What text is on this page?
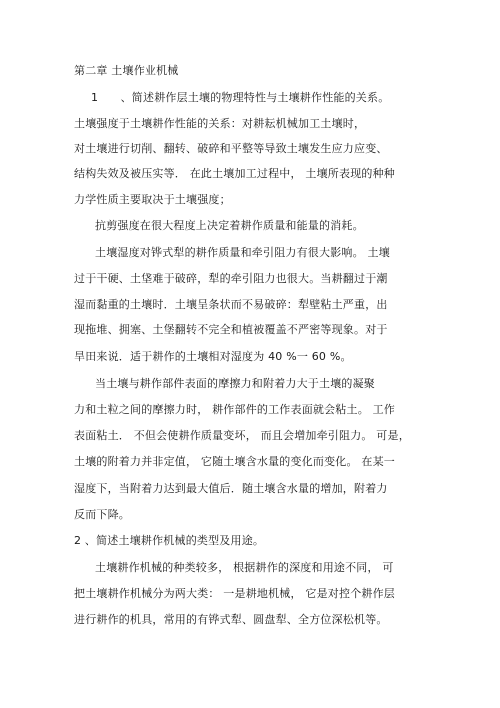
第二章 土壤作业机械
1　　、简述耕作层土壤的物理特性与土壤耕作性能的关系。
土壤强度于土壤耕作性能的关系：对耕耘机械加工土壤时，
对土壤进行切削、翻转、破碎和平整等导致土壤发生应力应变、
结构失效及被压实等． 在此土壤加工过程中， 土壤所表现的种种
力学性质主要取决于土壤强度；
抗剪强度在很大程度上决定着耕作质量和能量的消耗。
土壤湿度对铧式犁的耕作质量和牵引阻力有很大影响。 土壤
过于干硬、土垡难于破碎，犁的牵引阻力也很大。当耕翻过于潮
湿而黏重的土壤时．土壤呈条状而不易破碎：犁壁粘土严重，出
现拖堆、拥塞、土堡翻转不完全和植被覆盖不严密等现象。对于
旱田来说．适于耕作的土壤相对湿度为 40 %一 60 %。
当土壤与耕作部件表面的摩擦力和附着力大于土壤的凝聚
力和土粒之间的摩擦力时， 耕作部件的工作表面就会粘土。 工作
表面粘土． 不但会使耕作质量变坏， 而且会增加牵引阻力。 可是，
土壤的附着力并非定值， 它随土壤含水量的变化而变化。 在某一
湿度下，当附着力达到最大值后．随土壤含水量的增加，附着力
反而下降。
2 、简述土壤耕作机械的类型及用途。
土壤耕作机械的种类较多， 根据耕作的深度和用途不同， 可
把土壤耕作机械分为两大类： 一是耕地机械， 它是对控个耕作层
进行耕作的机具，常用的有铧式犁、圆盘犁、全方位深松机等。
